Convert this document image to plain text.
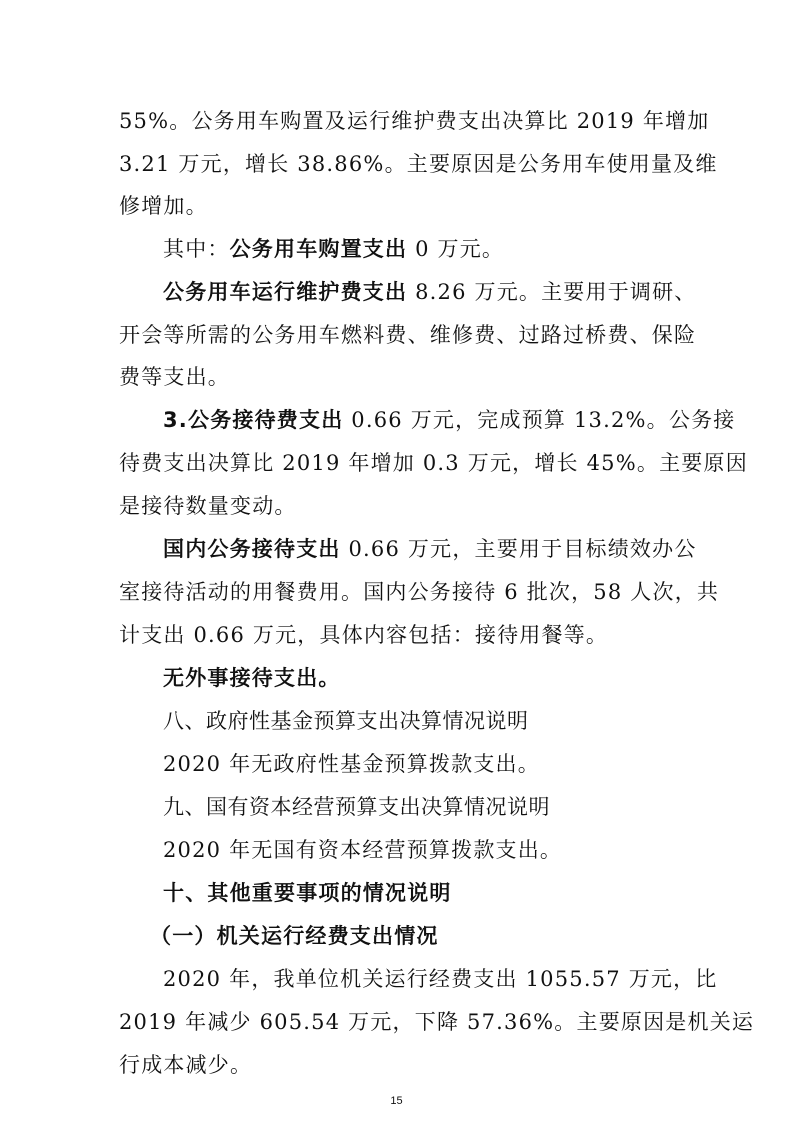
55%。公务用车购置及运行维护费支出决算比 2019 年增加
3.21 万元，增长 38.86%。主要原因是公务用车使用量及维
修增加。
其中：公务用车购置支出 0 万元。
公务用车运行维护费支出 8.26 万元。主要用于调研、
开会等所需的公务用车燃料费、维修费、过路过桥费、保险
费等支出。
3.公务接待费支出 0.66 万元，完成预算 13.2%。公务接
待费支出决算比 2019 年增加 0.3 万元，增长 45%。主要原因
是接待数量变动。
国内公务接待支出 0.66 万元，主要用于目标绩效办公
室接待活动的用餐费用。国内公务接待 6 批次，58 人次，共
计支出 0.66 万元，具体内容包括：接待用餐等。
无外事接待支出。
八、政府性基金预算支出决算情况说明
2020 年无政府性基金预算拨款支出。
九、国有资本经营预算支出决算情况说明
2020 年无国有资本经营预算拨款支出。
十、其他重要事项的情况说明
（一）机关运行经费支出情况
2020 年，我单位机关运行经费支出 1055.57 万元，比
2019 年减少 605.54 万元，下降 57.36%。主要原因是机关运
行成本减少。
15
